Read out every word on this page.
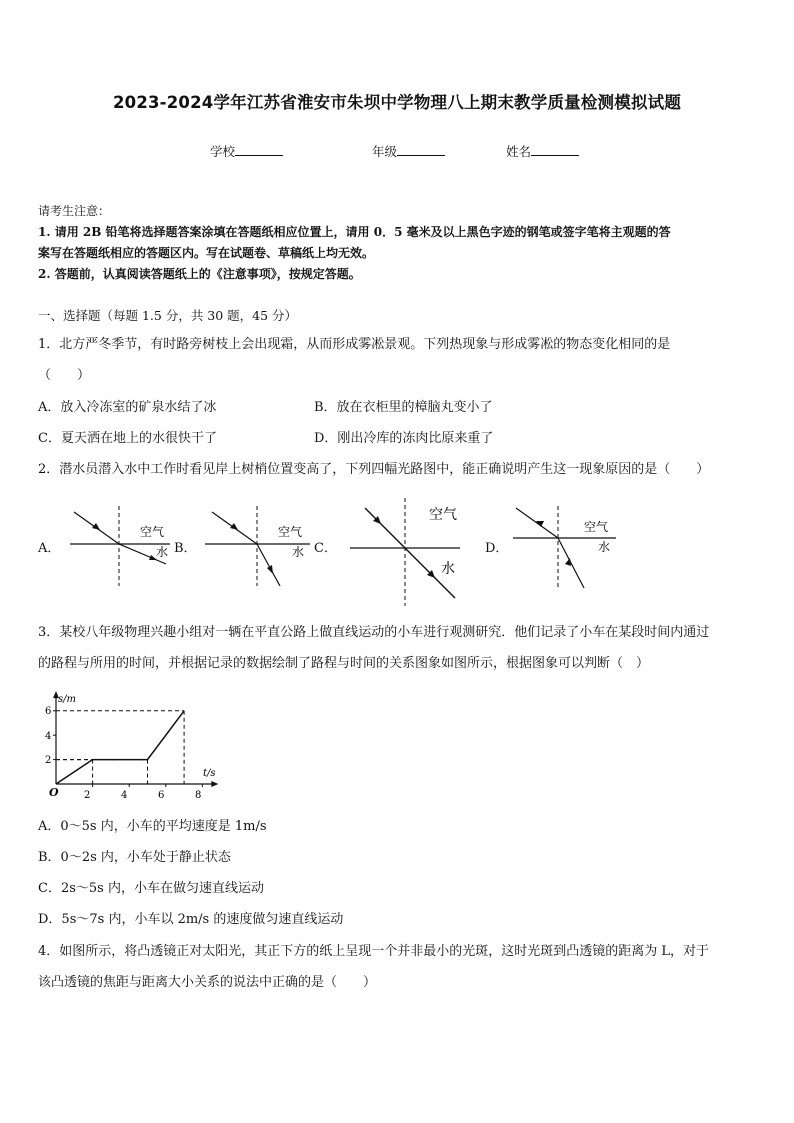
2023-2024学年江苏省淮安市朱坝中学物理八上期末教学质量检测模拟试题
学校	年级	姓名
请考生注意：
1. 请用 2B 铅笔将选择题答案涂填在答题纸相应位置上，请用 0．5 毫米及以上黑色字迹的钢笔或签字笔将主观题的答
案写在答题纸相应的答题区内。写在试题卷、草稿纸上均无效。
2. 答题前，认真阅读答题纸上的《注意事项》，按规定答题。
一、选择题（每题 1.5 分，共 30 题，45 分）
1．北方严冬季节，有时路旁树枝上会出现霜，从而形成雾凇景观。下列热现象与形成雾凇的物态变化相同的是
（　　）
A．放入冷冻室的矿泉水结了冰	B．放在衣柜里的樟脑丸变小了
C．夏天洒在地上的水很快干了	D．刚出冷库的冻肉比原来重了
2．潜水员潜入水中工作时看见岸上树梢位置变高了，下列四幅光路图中，能正确说明产生这一现象原因的是（　　）
A．	B．	C．	D．
空气
水
空气
水
空气
水
空气
水
3．某校八年级物理兴趣小组对一辆在平直公路上做直线运动的小车进行观测研究．他们记录了小车在某段时间内通过
的路程与所用的时间，并根据记录的数据绘制了路程与时间的关系图象如图所示，根据图象可以判断（　）
s/m
t/s
O
2
4
6
2	4	6	8
A．0～5s 内，小车的平均速度是 1m/s
B．0～2s 内，小车处于静止状态
C．2s～5s 内，小车在做匀速直线运动
D．5s～7s 内，小车以 2m/s 的速度做匀速直线运动
4．如图所示，将凸透镜正对太阳光，其正下方的纸上呈现一个并非最小的光斑，这时光斑到凸透镜的距离为 L，对于
该凸透镜的焦距与距离大小关系的说法中正确的是（　　）
